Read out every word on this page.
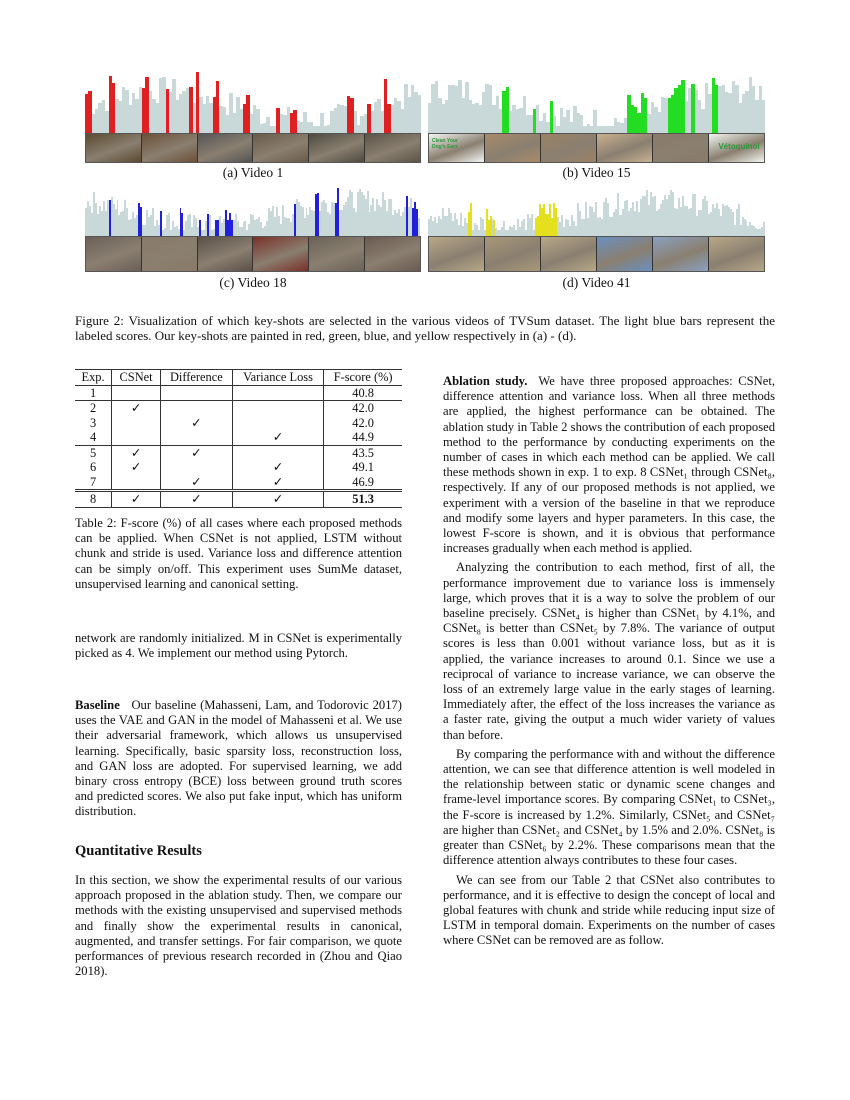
(a) Video 1	(b) Video 15
Clean Your Dog's Ears	Vétoquinol
(c) Video 18	(d) Video 41
Figure 2: Visualization of which key-shots are selected in the various videos of TVSum dataset. The light blue bars represent the labeled scores. Our key-shots are painted in red, green, blue, and yellow respectively in (a) - (d).
Exp.	CSNet	Difference	Variance Loss	F-score (%)
1				40.8
2	✓			42.0
3		✓		42.0
4			✓	44.9
5	✓	✓		43.5
6	✓		✓	49.1
7		✓	✓	46.9
8	✓	✓	✓	51.3
Table 2: F-score (%) of all cases where each proposed methods can be applied. When CSNet is not applied, LSTM without chunk and stride is used. Variance loss and difference attention can be simply on/off. This experiment uses SumMe dataset, unsupervised learning and canonical setting.
network are randomly initialized. M in CSNet is experimentally picked as 4. We implement our method using Pytorch.

Baseline Our baseline (Mahasseni, Lam, and Todorovic 2017) uses the VAE and GAN in the model of Mahasseni et al. We use their adversarial framework, which allows us unsupervised learning. Specifically, basic sparsity loss, reconstruction loss, and GAN loss are adopted. For supervised learning, we add binary cross entropy (BCE) loss between ground truth scores and predicted scores. We also put fake input, which has uniform distribution.

Quantitative Results
In this section, we show the experimental results of our various approach proposed in the ablation study. Then, we compare our methods with the existing unsupervised and supervised methods and finally show the experimental results in canonical, augmented, and transfer settings. For fair comparison, we quote performances of previous research recorded in (Zhou and Qiao 2018).

Ablation study. We have three proposed approaches: CSNet, difference attention and variance loss. When all three methods are applied, the highest performance can be obtained. The ablation study in Table 2 shows the contribution of each proposed method to the performance by conducting experiments on the number of cases in which each method can be applied. We call these methods shown in exp. 1 to exp. 8 CSNet₁ through CSNet₈, respectively. If any of our proposed methods is not applied, we experiment with a version of the baseline in that we reproduce and modify some layers and hyper parameters. In this case, the lowest F-score is shown, and it is obvious that performance increases gradually when each method is applied.

Analyzing the contribution to each method, first of all, the performance improvement due to variance loss is immensely large, which proves that it is a way to solve the problem of our baseline precisely. CSNet₄ is higher than CSNet₁ by 4.1%, and CSNet₈ is better than CSNet₅ by 7.8%. The variance of output scores is less than 0.001 without variance loss, but as it is applied, the variance increases to around 0.1. Since we use a reciprocal of variance to increase variance, we can observe the loss of an extremely large value in the early stages of learning. Immediately after, the effect of the loss increases the variance as a faster rate, giving the output a much wider variety of values than before.

By comparing the performance with and without the difference attention, we can see that difference attention is well modeled in the relationship between static or dynamic scene changes and frame-level importance scores. By comparing CSNet₁ to CSNet₃, the F-score is increased by 1.2%. Similarly, CSNet₅ and CSNet₇ are higher than CSNet₂ and CSNet₄ by 1.5% and 2.0%. CSNet₈ is greater than CSNet₆ by 2.2%. These comparisons mean that the difference attention always contributes to these four cases.

We can see from our Table 2 that CSNet also contributes to performance, and it is effective to design the concept of local and global features with chunk and stride while reducing input size of LSTM in temporal domain. Experiments on the number of cases where CSNet can be removed are as follow.
